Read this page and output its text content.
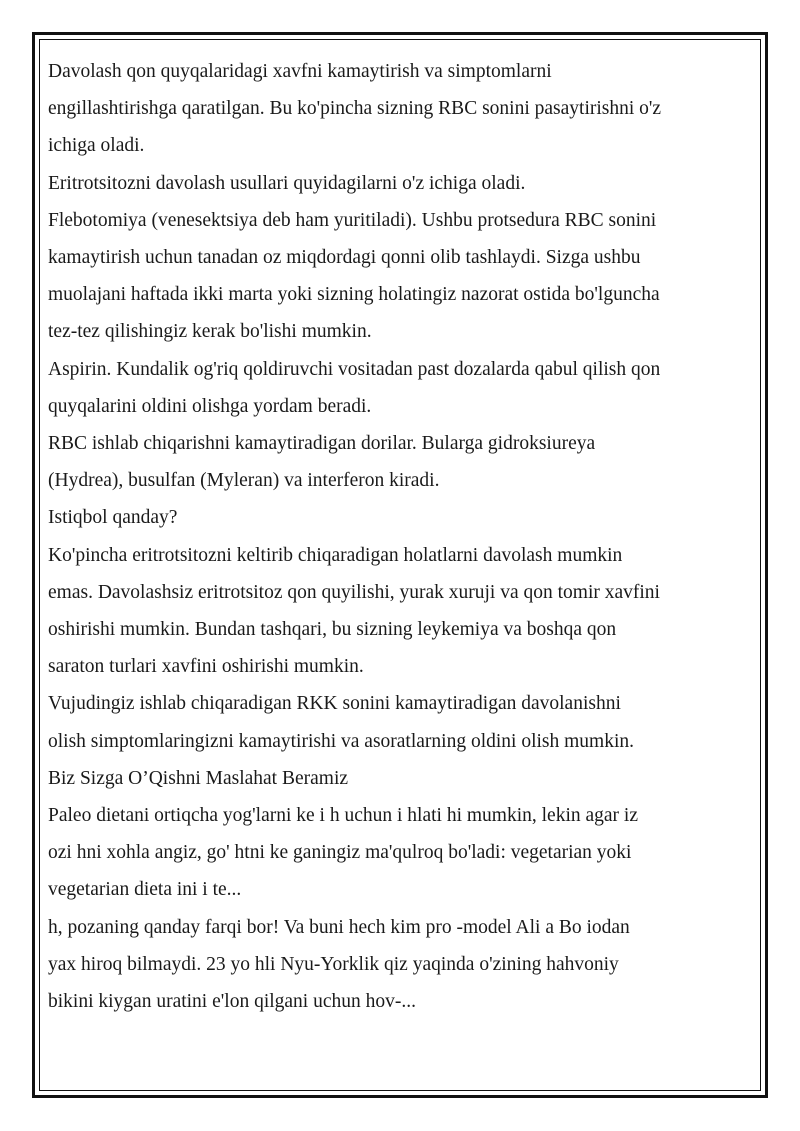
Davolash qon quyqalaridagi xavfni kamaytirish va simptomlarni

engillashtirishga qaratilgan. Bu ko'pincha sizning RBC sonini pasaytirishni o'z

ichiga oladi.

Eritrotsitozni davolash usullari quyidagilarni o'z ichiga oladi.

Flebotomiya (venesektsiya deb ham yuritiladi). Ushbu protsedura RBC sonini

kamaytirish uchun tanadan oz miqdordagi qonni olib tashlaydi. Sizga ushbu

muolajani haftada ikki marta yoki sizning holatingiz nazorat ostida bo'lguncha

tez-tez qilishingiz kerak bo'lishi mumkin.

Aspirin. Kundalik og'riq qoldiruvchi vositadan past dozalarda qabul qilish qon

quyqalarini oldini olishga yordam beradi.

RBC ishlab chiqarishni kamaytiradigan dorilar. Bularga gidroksiureya

(Hydrea), busulfan (Myleran) va interferon kiradi.

Istiqbol qanday?

Ko'pincha eritrotsitozni keltirib chiqaradigan holatlarni davolash mumkin

emas. Davolashsiz eritrotsitoz qon quyilishi, yurak xuruji va qon tomir xavfini

oshirishi mumkin. Bundan tashqari, bu sizning leykemiya va boshqa qon

saraton turlari xavfini oshirishi mumkin.

Vujudingiz ishlab chiqaradigan RKK sonini kamaytiradigan davolanishni

olish simptomlaringizni kamaytirishi va asoratlarning oldini olish mumkin.

Biz Sizga O’Qishni Maslahat Beramiz

Paleo dietani ortiqcha yog'larni ke i h uchun i hlati hi mumkin, lekin agar iz

ozi hni xohla angiz, go' htni ke ganingiz ma'qulroq bo'ladi: vegetarian yoki

vegetarian dieta ini i te...

h, pozaning qanday farqi bor! Va buni hech kim pro -model Ali a Bo iodan

yax hiroq bilmaydi. 23 yo hli Nyu-Yorklik qiz yaqinda o'zining hahvoniy

bikini kiygan uratini e'lon qilgani uchun hov-...
